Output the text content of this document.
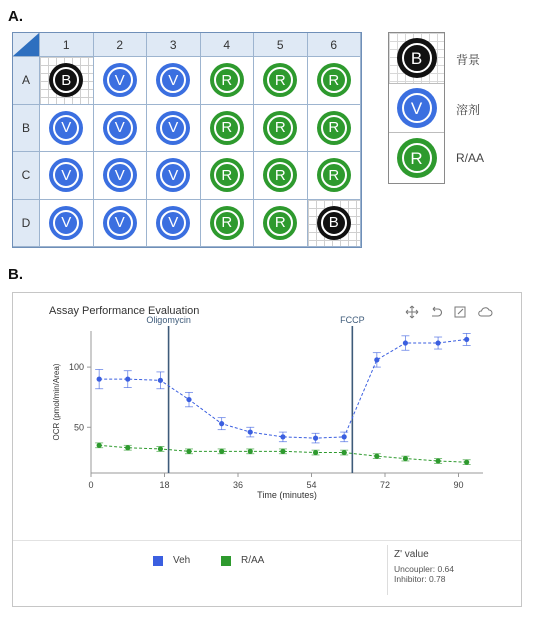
A.
B.
1	2	3	4	5	6
A	B	V	V	R	R	R
B	V	V	V	R	R	R
C	V	V	V	R	R	R
D	V	V	V	R	R	B
B
V
R
背景
溶剂
R/AA
Assay Performance Evaluation
0	18	36	54	72	90
50
100
Time (minutes)
OCR (pmol/min/Area)
Oligomycin	FCCP
Veh	R/AA
Z' value
Uncoupler: 0.64
Inhibitor: 0.78
